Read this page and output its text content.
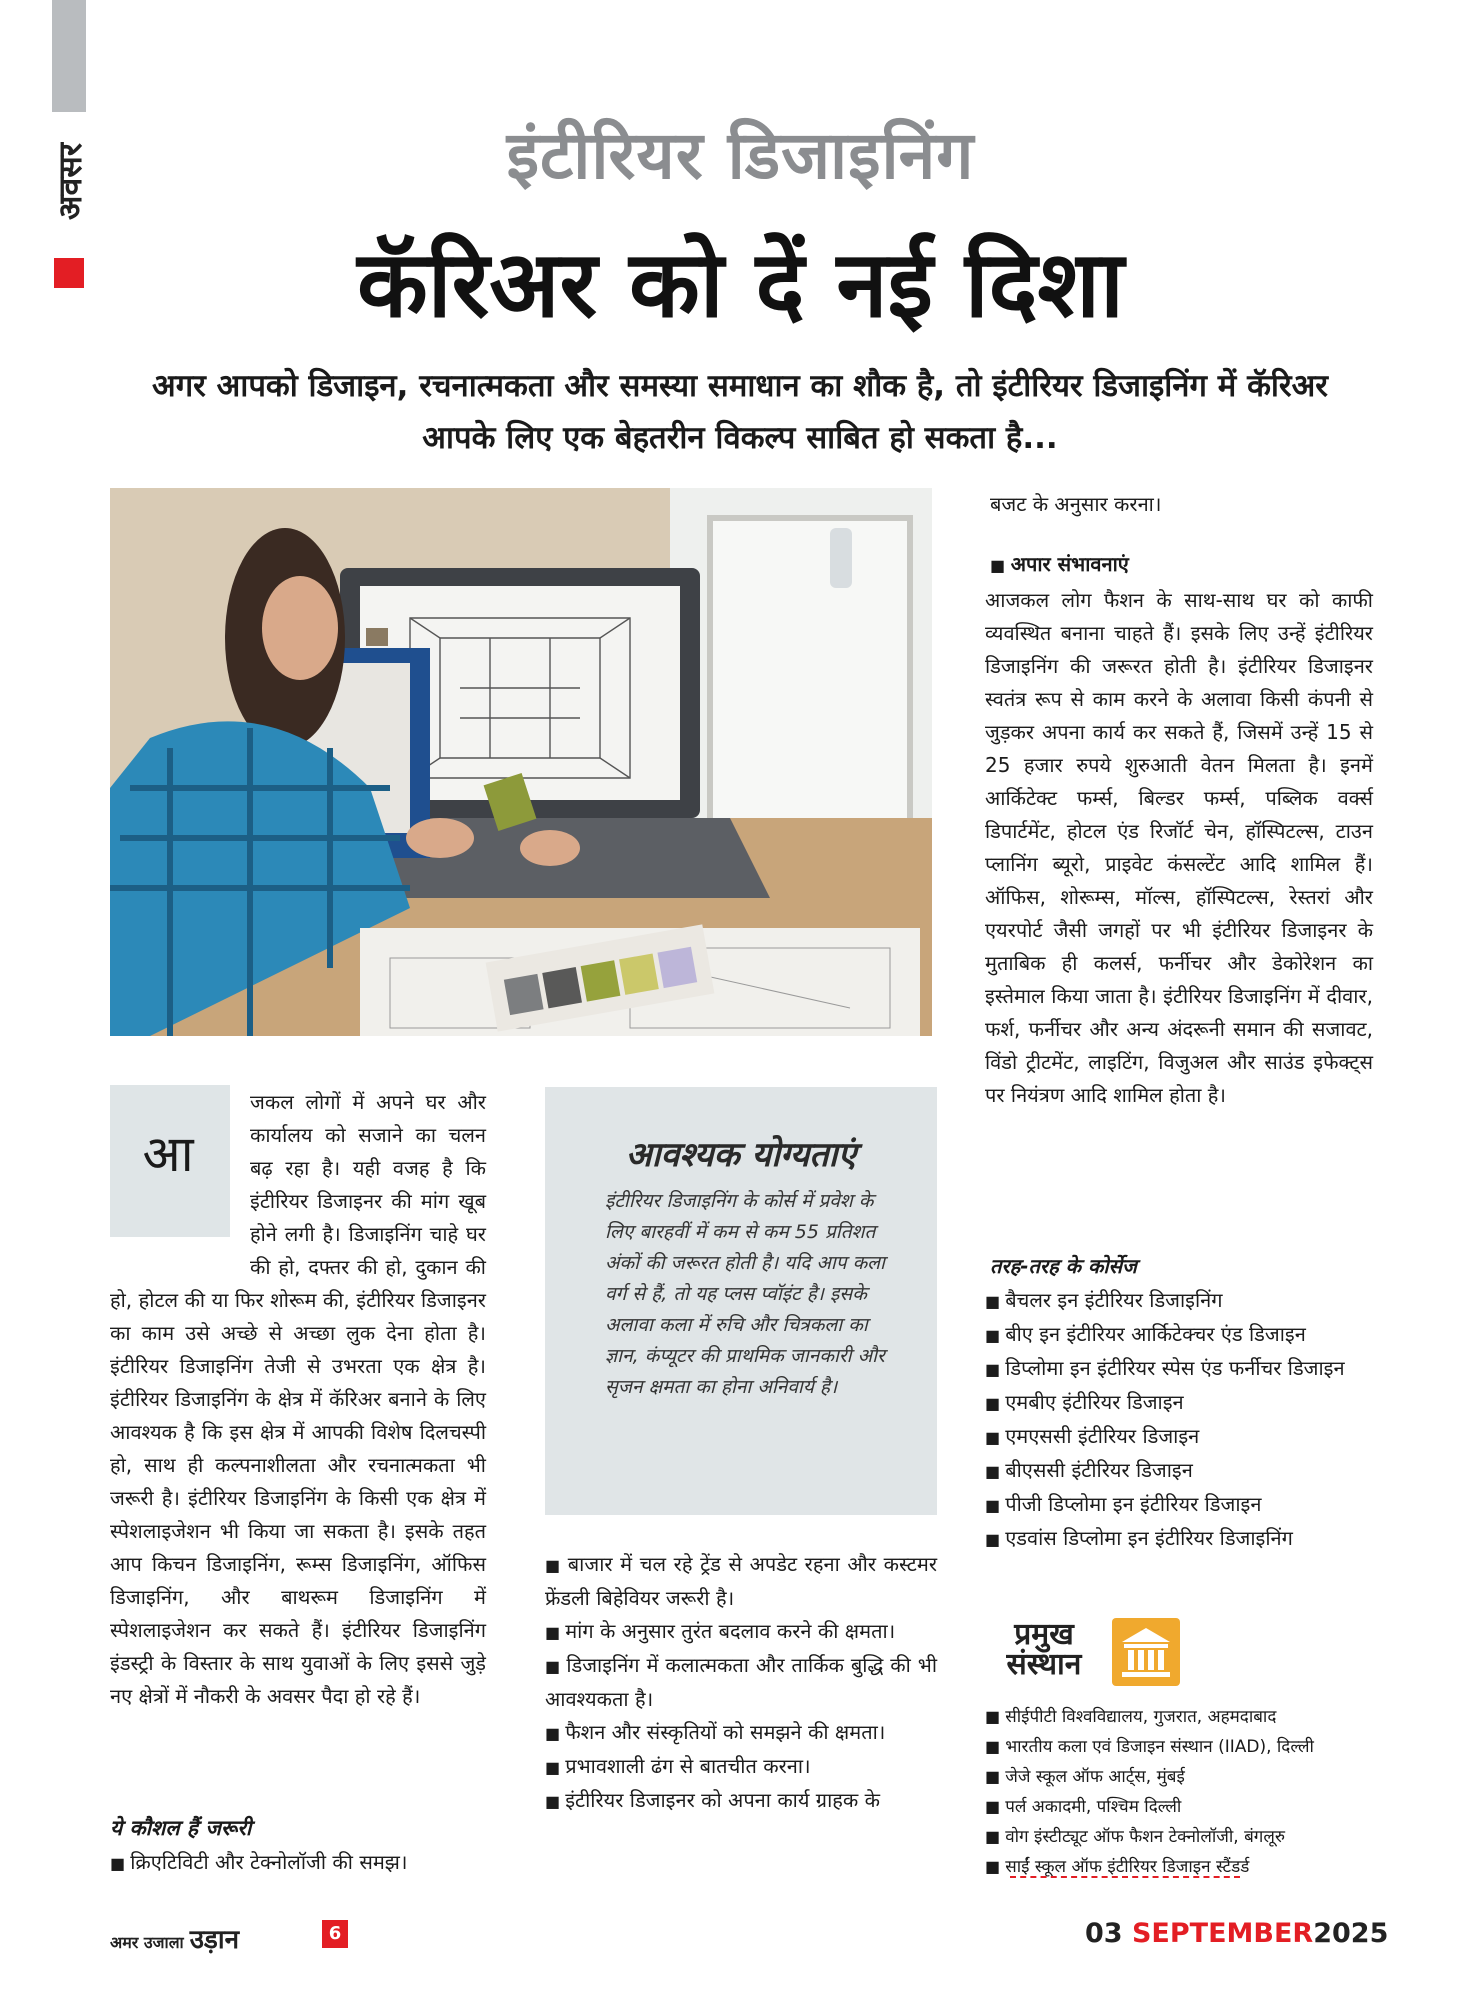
अवसर	इंटीरियर डिजाइनिंग
कॅरिअर को दें नई दिशा
अगर आपको डिजाइन, रचनात्मकता और समस्या समाधान का शौक है, तो इंटीरियर डिजाइनिंग में कॅरिअर आपके लिए एक बेहतरीन विकल्प साबित हो सकता है...
आ
जकल लोगों में अपने घर और कार्यालय को सजाने का चलन बढ़ रहा है। यही वजह है कि इंटीरियर डिजाइनर की मांग खूब होने लगी है। डिजाइनिंग चाहे घर की हो, दफ्तर की हो, दुकान की हो, होटल की या फिर शोरूम की, इंटीरियर डिजाइनर का काम उसे अच्छे से अच्छा लुक देना होता है। इंटीरियर डिजाइनिंग तेजी से उभरता एक क्षेत्र है। इंटीरियर डिजाइनिंग के क्षेत्र में कॅरिअर बनाने के लिए आवश्यक है कि इस क्षेत्र में आपकी विशेष दिलचस्पी हो, साथ ही कल्पनाशीलता और रचनात्मकता भी जरूरी है। इंटीरियर डिजाइनिंग के किसी एक क्षेत्र में स्पेशलाइजेशन भी किया जा सकता है। इसके तहत आप किचन डिजाइनिंग, रूम्स डिजाइनिंग, ऑफिस डिजाइनिंग, और बाथरूम डिजाइनिंग में स्पेशलाइजेशन कर सकते हैं। इंटीरियर डिजाइनिंग इंडस्ट्री के विस्तार के साथ युवाओं के लिए इससे जुड़े नए क्षेत्रों में नौकरी के अवसर पैदा हो रहे हैं।
ये कौशल हैं जरूरी
■ क्रिएटिविटी और टेक्नोलॉजी की समझ।
आवश्यक योग्यताएं
इंटीरियर डिजाइनिंग के कोर्स में प्रवेश के लिए बारहवीं में कम से कम 55 प्रतिशत अंकों की जरूरत होती है। यदि आप कला वर्ग से हैं, तो यह प्लस प्वॉइंट है। इसके अलावा कला में रुचि और चित्रकला का ज्ञान, कंप्यूटर की प्राथमिक जानकारी और सृजन क्षमता का होना अनिवार्य है।
■ बाजार में चल रहे ट्रेंड से अपडेट रहना और कस्टमर फ्रेंडली बिहेवियर जरूरी है।
■ मांग के अनुसार तुरंत बदलाव करने की क्षमता।
■ डिजाइनिंग में कलात्मकता और तार्किक बुद्धि की भी आवश्यकता है।
■ फैशन और संस्कृतियों को समझने की क्षमता।
■ प्रभावशाली ढंग से बातचीत करना।
■ इंटीरियर डिजाइनर को अपना कार्य ग्राहक के
बजट के अनुसार करना।
■ अपार संभावनाएं
आजकल लोग फैशन के साथ-साथ घर को काफी व्यवस्थित बनाना चाहते हैं। इसके लिए उन्हें इंटीरियर डिजाइनिंग की जरूरत होती है। इंटीरियर डिजाइनर स्वतंत्र रूप से काम करने के अलावा किसी कंपनी से जुड़कर अपना कार्य कर सकते हैं, जिसमें उन्हें 15 से 25 हजार रुपये शुरुआती वेतन मिलता है। इनमें आर्किटेक्ट फर्म्स, बिल्डर फर्म्स, पब्लिक वर्क्स डिपार्टमेंट, होटल एंड रिजॉर्ट चेन, हॉस्पिटल्स, टाउन प्लानिंग ब्यूरो, प्राइवेट कंसल्टेंट आदि शामिल हैं। ऑफिस, शोरूम्स, मॉल्स, हॉस्पिटल्स, रेस्तरां और एयरपोर्ट जैसी जगहों पर भी इंटीरियर डिजाइनर के मुताबिक ही कलर्स, फर्नीचर और डेकोरेशन का इस्तेमाल किया जाता है। इंटीरियर डिजाइनिंग में दीवार, फर्श, फर्नीचर और अन्य अंदरूनी समान की सजावट, विंडो ट्रीटमेंट, लाइटिंग, विजुअल और साउंड इफेक्ट्स पर नियंत्रण आदि शामिल होता है।
तरह-तरह के कोर्सेज
■ बैचलर इन इंटीरियर डिजाइनिंग
■ बीए इन इंटीरियर आर्किटेक्चर एंड डिजाइन
■ डिप्लोमा इन इंटीरियर स्पेस एंड फर्नीचर डिजाइन
■ एमबीए इंटीरियर डिजाइन
■ एमएससी इंटीरियर डिजाइन
■ बीएससी इंटीरियर डिजाइन
■ पीजी डिप्लोमा इन इंटीरियर डिजाइन
■ एडवांस डिप्लोमा इन इंटीरियर डिजाइनिंग
प्रमुख
संस्थान
■ सीईपीटी विश्वविद्यालय, गुजरात, अहमदाबाद
■ भारतीय कला एवं डिजाइन संस्थान (IIAD), दिल्ली
■ जेजे स्कूल ऑफ आर्ट्स, मुंबई
■ पर्ल अकादमी, पश्चिम दिल्ली
■ वोग इंस्टीट्यूट ऑफ फैशन टेक्नोलॉजी, बंगलूरु
■ साईं स्कूल ऑफ इंटीरियर डिजाइन स्टैंडर्ड
अमर उजाला उड़ान	6	03 SEPTEMBER2025
